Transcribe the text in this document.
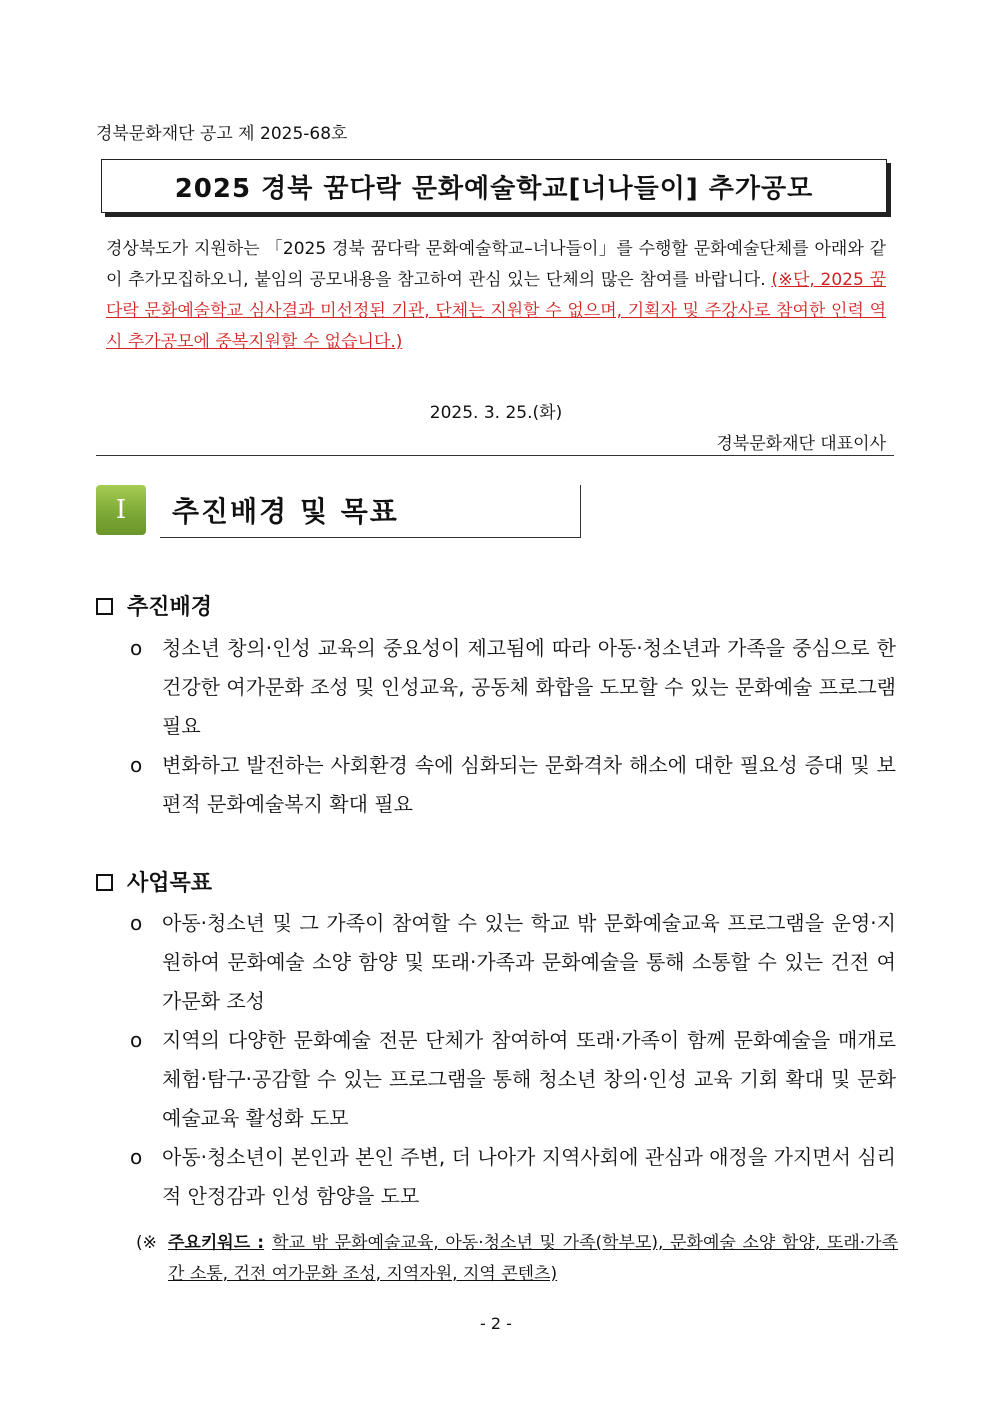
경북문화재단 공고 제 2025-68호
2025 경북 꿈다락 문화예술학교[너나들이] 추가공모
경상북도가 지원하는 「2025 경북 꿈다락 문화예술학교–너나들이」를 수행할 문화예술단체를 아래와 같이 추가모집하오니, 붙임의 공모내용을 참고하여 관심 있는 단체의 많은 참여를 바랍니다. (※단, 2025 꿈다락 문화예술학교 심사결과 미선정된 기관, 단체는 지원할 수 없으며, 기획자 및 주강사로 참여한 인력 역시 추가공모에 중복지원할 수 없습니다.)
2025. 3. 25.(화)
경북문화재단 대표이사
I 추진배경 및 목표
추진배경
o 청소년 창의·인성 교육의 중요성이 제고됨에 따라 아동·청소년과 가족을 중심으로 한 건강한 여가문화 조성 및 인성교육, 공동체 화합을 도모할 수 있는 문화예술 프로그램 필요
o 변화하고 발전하는 사회환경 속에 심화되는 문화격차 해소에 대한 필요성 증대 및 보편적 문화예술복지 확대 필요
사업목표
o 아동·청소년 및 그 가족이 참여할 수 있는 학교 밖 문화예술교육 프로그램을 운영·지원하여 문화예술 소양 함양 및 또래·가족과 문화예술을 통해 소통할 수 있는 건전 여가문화 조성
o 지역의 다양한 문화예술 전문 단체가 참여하여 또래·가족이 함께 문화예술을 매개로 체험·탐구·공감할 수 있는 프로그램을 통해 청소년 창의·인성 교육 기회 확대 및 문화예술교육 활성화 도모
o 아동·청소년이 본인과 본인 주변, 더 나아가 지역사회에 관심과 애정을 가지면서 심리적 안정감과 인성 함양을 도모
(※ 주요키워드 : 학교 밖 문화예술교육, 아동·청소년 및 가족(학부모), 문화예술 소양 함양, 또래·가족 간 소통, 건전 여가문화 조성, 지역자원, 지역 콘텐츠)
- 2 -
